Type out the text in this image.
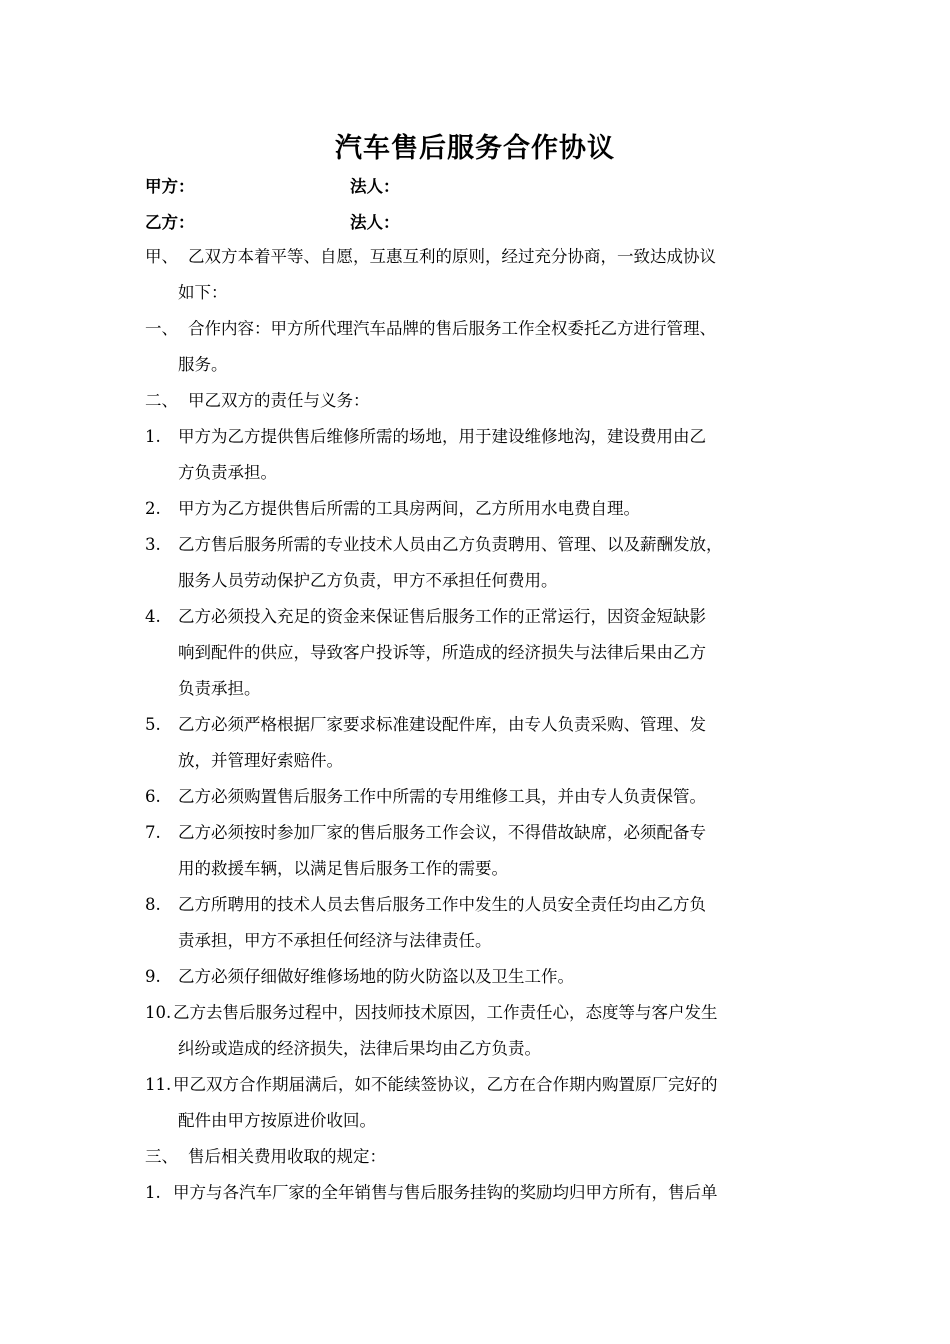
汽车售后服务合作协议
甲方：	法人：
乙方：	法人：
甲、 乙双方本着平等、自愿，互惠互利的原则，经过充分协商，一致达成协议
如下：
一、 合作内容：甲方所代理汽车品牌的售后服务工作全权委托乙方进行管理、
服务。
二、 甲乙双方的责任与义务：
1. 甲方为乙方提供售后维修所需的场地，用于建设维修地沟，建设费用由乙
方负责承担。
2. 甲方为乙方提供售后所需的工具房两间，乙方所用水电费自理。
3. 乙方售后服务所需的专业技术人员由乙方负责聘用、管理、以及薪酬发放，
服务人员劳动保护乙方负责，甲方不承担任何费用。
4. 乙方必须投入充足的资金来保证售后服务工作的正常运行，因资金短缺影
响到配件的供应，导致客户投诉等，所造成的经济损失与法律后果由乙方
负责承担。
5. 乙方必须严格根据厂家要求标准建设配件库，由专人负责采购、管理、发
放，并管理好索赔件。
6. 乙方必须购置售后服务工作中所需的专用维修工具，并由专人负责保管。
7. 乙方必须按时参加厂家的售后服务工作会议，不得借故缺席，必须配备专
用的救援车辆，以满足售后服务工作的需要。
8. 乙方所聘用的技术人员去售后服务工作中发生的人员安全责任均由乙方负
责承担，甲方不承担任何经济与法律责任。
9. 乙方必须仔细做好维修场地的防火防盗以及卫生工作。
10. 乙方去售后服务过程中，因技师技术原因，工作责任心，态度等与客户发生
纠纷或造成的经济损失，法律后果均由乙方负责。
11. 甲乙双方合作期届满后，如不能续签协议，乙方在合作期内购置原厂完好的
配件由甲方按原进价收回。
三、 售后相关费用收取的规定：
1. 甲方与各汽车厂家的全年销售与售后服务挂钩的奖励均归甲方所有，售后单
